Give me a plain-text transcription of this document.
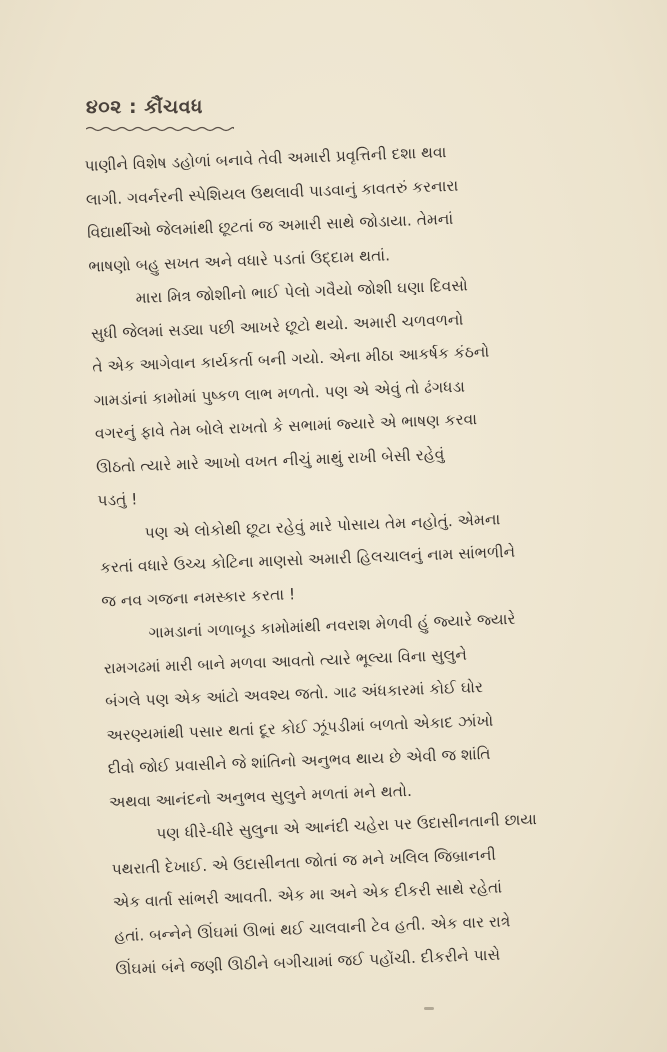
૪૦૨ : કૌંચવધ

પાણીને વિશેષ ડહોળાં બનાવે તેવી અમારી પ્રવૃત્તિની દશા થવા
લાગી. ગવર્નરની સ્પેશિયલ ઉથલાવી પાડવાનું કાવતરું કરનારા
વિદ્યાર્થીઓ જેલમાંથી છૂટતાં જ અમારી સાથે જોડાયા. તેમનાં
ભાષણો બહુ સખત અને વધારે પડતાં ઉદ્દામ થતાં.

મારા મિત્ર જોશીનો ભાઈ પેલો ગવૈયો જોશી ઘણા દિવસો
સુધી જેલમાં સડ્યા પછી આખરે છૂટો થયો. અમારી ચળવળનો
તે એક આગેવાન કાર્યકર્તા બની ગયો. એના મીઠા આકર્ષક કંઠનો
ગામડાંનાં કામોમાં પુષ્કળ લાભ મળતો. પણ એ એવું તો ઢંગધડા
વગરનું ફાવે તેમ બોલે રાખતો કે સભામાં જ્યારે એ ભાષણ કરવા
ઊઠતો ત્યારે મારે આખો વખત નીચું માથું રાખી બેસી રહેવું
પડતું !

પણ એ લોકોથી છૂટા રહેવું મારે પોસાય તેમ નહોતું. એમના
કરતાં વધારે ઉચ્ચ કોટિના માણસો અમારી હિલચાલનું નામ સાંભળીને
જ નવ ગજના નમસ્કાર કરતા !

ગામડાનાં ગળાબૂડ કામોમાંથી નવરાશ મેળવી હું જ્યારે જ્યારે
રામગઢમાં મારી બાને મળવા આવતો ત્યારે ભૂલ્યા વિના સુલુને
બંગલે પણ એક આંટો અવશ્ય જતો. ગાઢ અંધકારમાં કોઈ ઘોર
અરણ્યમાંથી પસાર થતાં દૂર કોઈ ઝૂંપડીમાં બળતો એકાદ ઝાંખો
દીવો જોઈ પ્રવાસીને જે શાંતિનો અનુભવ થાય છે એવી જ શાંતિ
અથવા આનંદનો અનુભવ સુલુને મળતાં મને થતો.

પણ ધીરે-ધીરે સુલુના એ આનંદી ચહેરા પર ઉદાસીનતાની છાયા
પથરાતી દેખાઈ. એ ઉદાસીનતા જોતાં જ મને ખલિલ જિબ્રાનની
એક વાર્તા સાંભરી આવતી. એક મા અને એક દીકરી સાથે રહેતાં
હતાં. બન્નેને ઊંઘમાં ઊભાં થઈ ચાલવાની ટેવ હતી. એક વાર રાત્રે
ઊંઘમાં બંને જણી ઊઠીને બગીચામાં જઈ પહોંચી. દીકરીને પાસે
